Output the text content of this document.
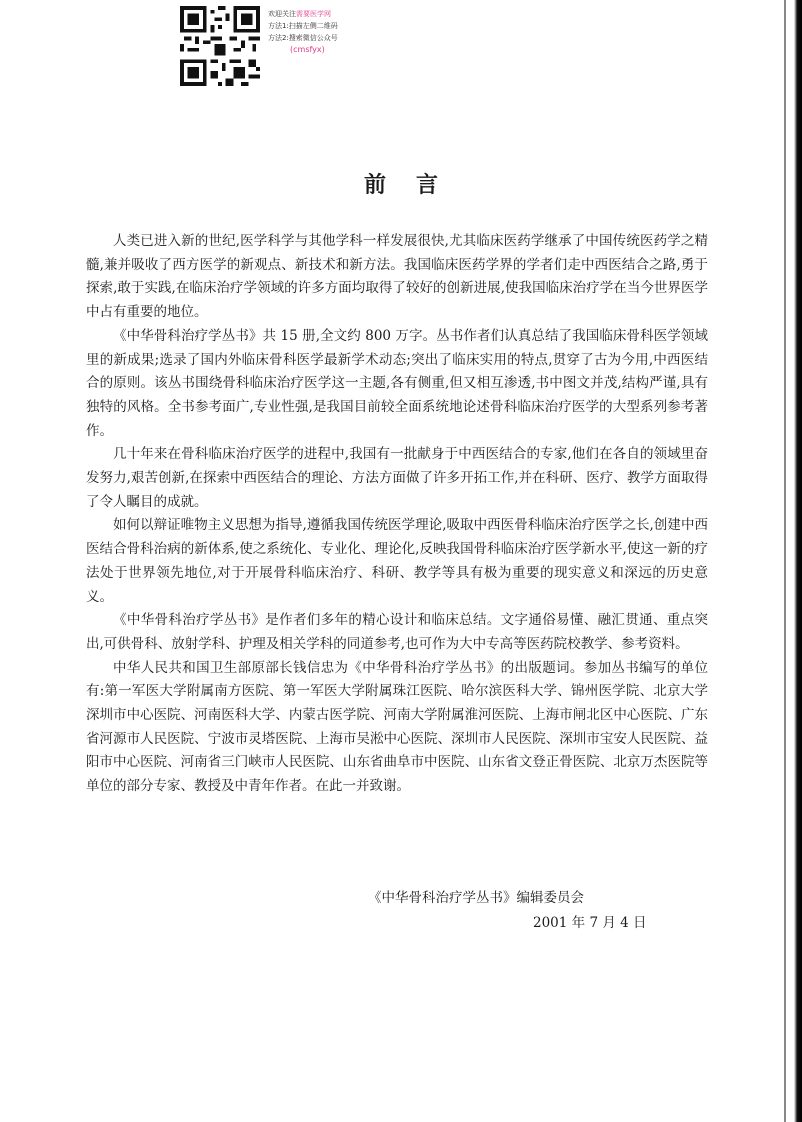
欢迎关注需要医学网
方法1:扫描左侧二维码
方法2:搜索微信公众号
(cmsfyx)
前言

人类已进入新的世纪,医学科学与其他学科一样发展很快,尤其临床医药学继承了中国传统医药学之精髓,兼并吸收了西方医学的新观点、新技术和新方法。我国临床医药学界的学者们走中西医结合之路,勇于探索,敢于实践,在临床治疗学领域的许多方面均取得了较好的创新进展,使我国临床治疗学在当今世界医学中占有重要的地位。

《中华骨科治疗学丛书》共 15 册,全文约 800 万字。丛书作者们认真总结了我国临床骨科医学领域里的新成果;选录了国内外临床骨科医学最新学术动态;突出了临床实用的特点,贯穿了古为今用,中西医结合的原则。该丛书围绕骨科临床治疗医学这一主题,各有侧重,但又相互渗透,书中图文并茂,结构严谨,具有独特的风格。全书参考面广,专业性强,是我国目前较全面系统地论述骨科临床治疗医学的大型系列参考著作。

几十年来在骨科临床治疗医学的进程中,我国有一批献身于中西医结合的专家,他们在各自的领域里奋发努力,艰苦创新,在探索中西医结合的理论、方法方面做了许多开拓工作,并在科研、医疗、教学方面取得了令人瞩目的成就。

如何以辩证唯物主义思想为指导,遵循我国传统医学理论,吸取中西医骨科临床治疗医学之长,创建中西医结合骨科治病的新体系,使之系统化、专业化、理论化,反映我国骨科临床治疗医学新水平,使这一新的疗法处于世界领先地位,对于开展骨科临床治疗、科研、教学等具有极为重要的现实意义和深远的历史意义。

《中华骨科治疗学丛书》是作者们多年的精心设计和临床总结。文字通俗易懂、融汇贯通、重点突出,可供骨科、放射学科、护理及相关学科的同道参考,也可作为大中专高等医药院校教学、参考资料。

中华人民共和国卫生部原部长钱信忠为《中华骨科治疗学丛书》的出版题词。参加丛书编写的单位有:第一军医大学附属南方医院、第一军医大学附属珠江医院、哈尔滨医科大学、锦州医学院、北京大学深圳市中心医院、河南医科大学、内蒙古医学院、河南大学附属淮河医院、上海市闸北区中心医院、广东省河源市人民医院、宁波市灵塔医院、上海市吴淞中心医院、深圳市人民医院、深圳市宝安人民医院、益阳市中心医院、河南省三门峡市人民医院、山东省曲阜市中医院、山东省文登正骨医院、北京万杰医院等单位的部分专家、教授及中青年作者。在此一并致谢。

《中华骨科治疗学丛书》编辑委员会
2001 年 7 月 4 日
